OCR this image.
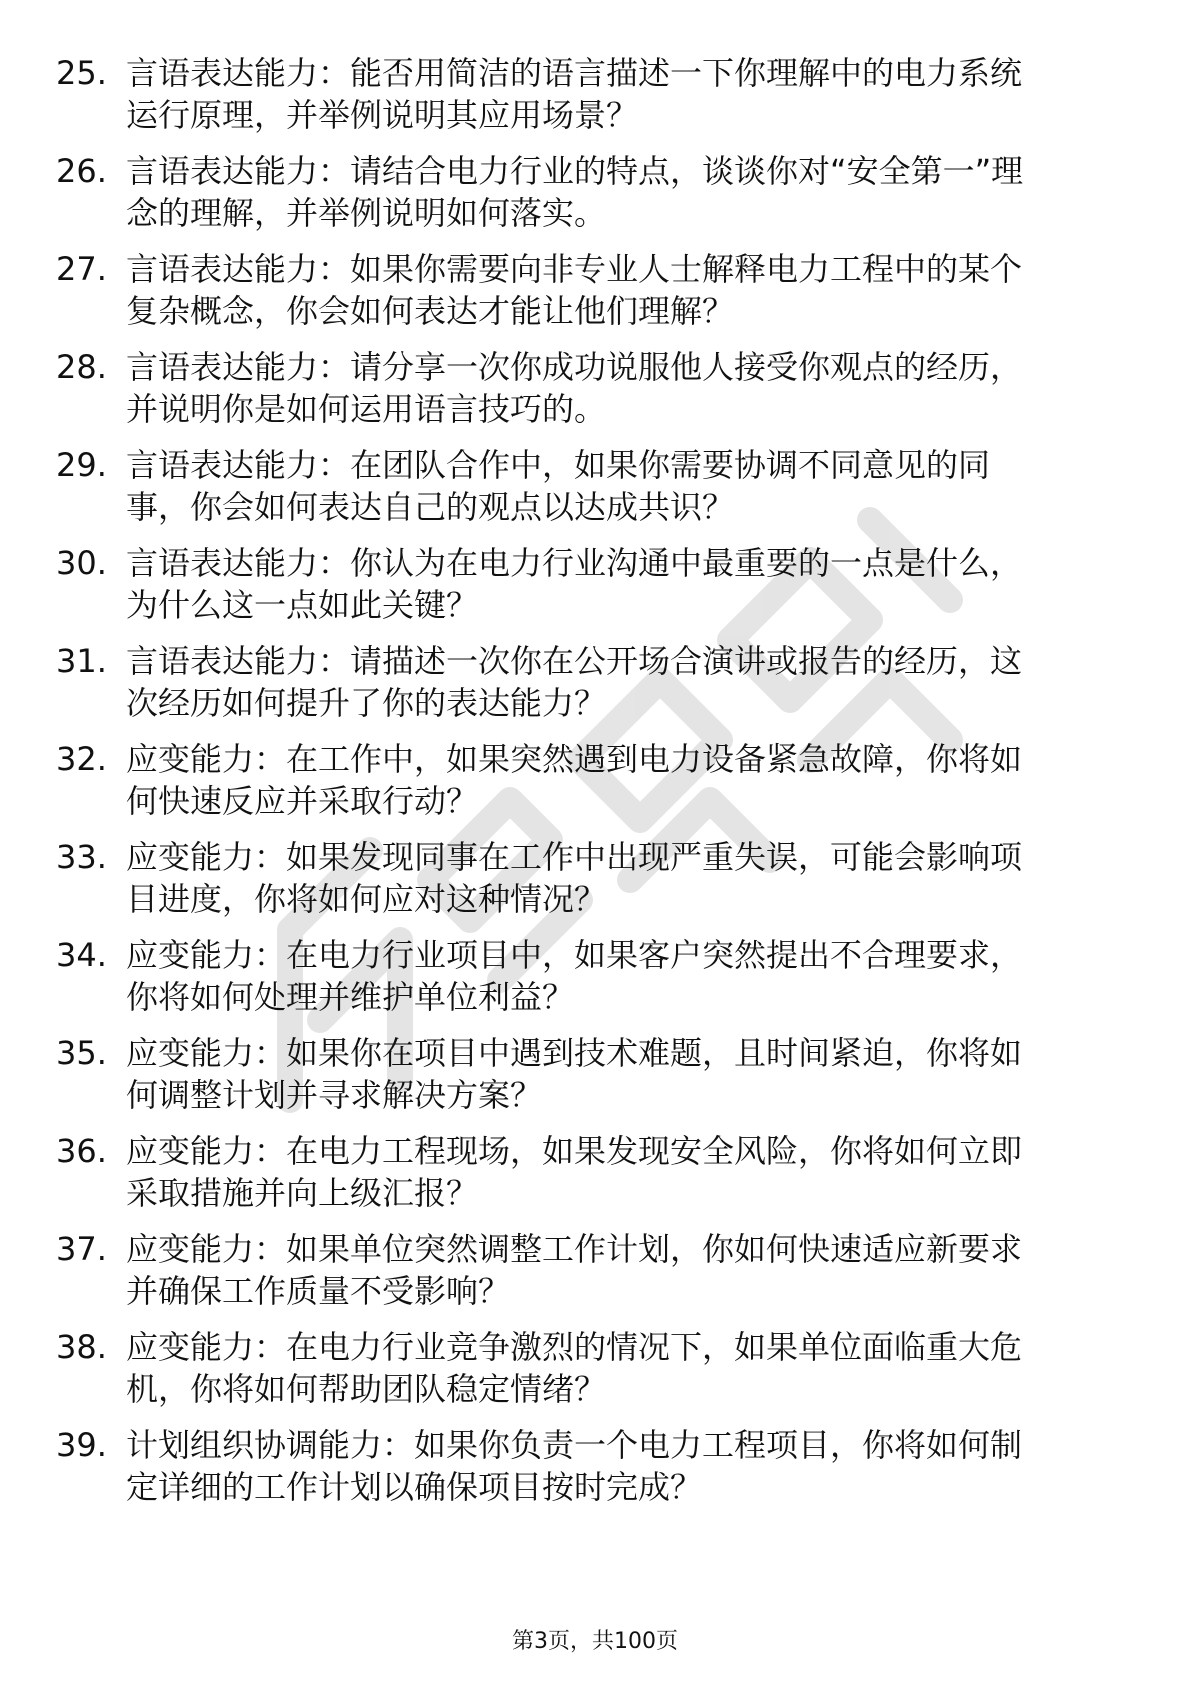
25. 言语表达能力：能否用简洁的语言描述一下你理解中的电力系统
运行原理，并举例说明其应用场景？

26. 言语表达能力：请结合电力行业的特点，谈谈你对“安全第一”理
念的理解，并举例说明如何落实。

27. 言语表达能力：如果你需要向非专业人士解释电力工程中的某个
复杂概念，你会如何表达才能让他们理解？

28. 言语表达能力：请分享一次你成功说服他人接受你观点的经历，
并说明你是如何运用语言技巧的。

29. 言语表达能力：在团队合作中，如果你需要协调不同意见的同
事，你会如何表达自己的观点以达成共识？

30. 言语表达能力：你认为在电力行业沟通中最重要的一点是什么，
为什么这一点如此关键？

31. 言语表达能力：请描述一次你在公开场合演讲或报告的经历，这
次经历如何提升了你的表达能力？

32. 应变能力：在工作中，如果突然遇到电力设备紧急故障，你将如
何快速反应并采取行动？

33. 应变能力：如果发现同事在工作中出现严重失误，可能会影响项
目进度，你将如何应对这种情况？

34. 应变能力：在电力行业项目中，如果客户突然提出不合理要求，
你将如何处理并维护单位利益？

35. 应变能力：如果你在项目中遇到技术难题，且时间紧迫，你将如
何调整计划并寻求解决方案？

36. 应变能力：在电力工程现场，如果发现安全风险，你将如何立即
采取措施并向上级汇报？

37. 应变能力：如果单位突然调整工作计划，你如何快速适应新要求
并确保工作质量不受影响？

38. 应变能力：在电力行业竞争激烈的情况下，如果单位面临重大危
机，你将如何帮助团队稳定情绪？

39. 计划组织协调能力：如果你负责一个电力工程项目，你将如何制
定详细的工作计划以确保项目按时完成？

第3页，共100页
